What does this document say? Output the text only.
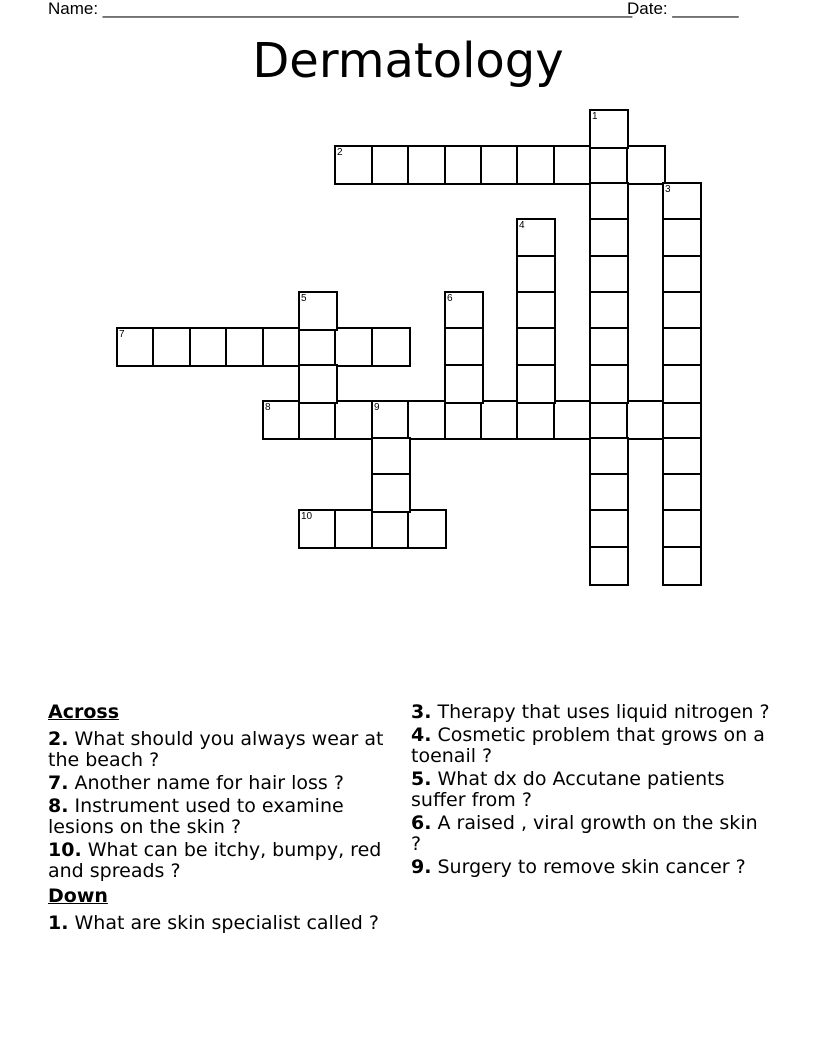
Name: ________________________________________________________
Date: _______
Dermatology
2
7
8	9
10
1
3
4
5	6
Across
2. What should you always wear at the beach ?
7. Another name for hair loss ?
8. Instrument used to examine lesions on the skin ?
10. What can be itchy, bumpy, red and spreads ?
Down
1. What are skin specialist called ?
3. Therapy that uses liquid nitrogen ?
4. Cosmetic problem that grows on a toenail ?
5. What dx do Accutane patients suffer from ?
6. A raised , viral growth on the skin ?
9. Surgery to remove skin cancer ?
